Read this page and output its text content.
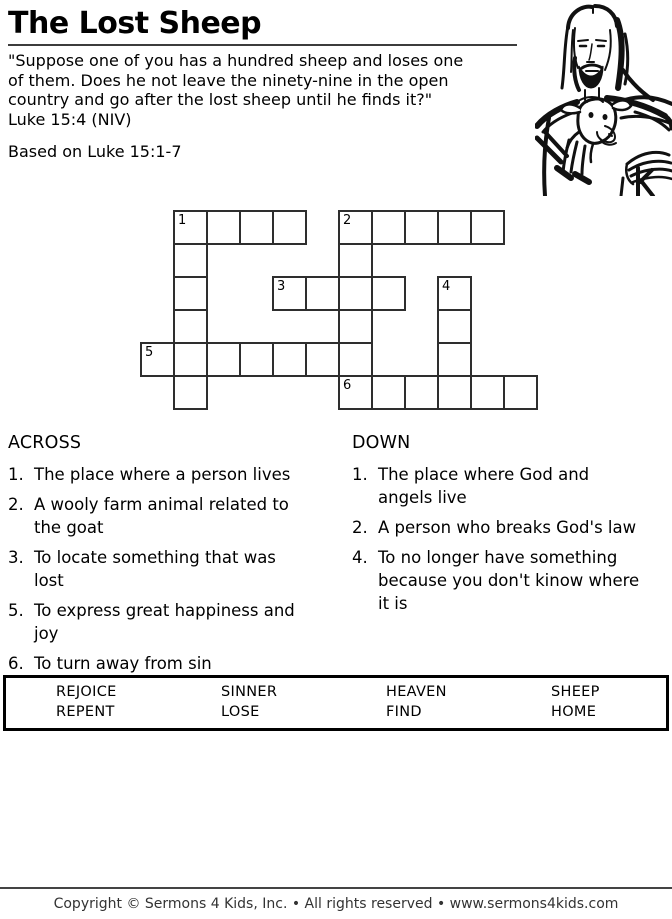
The Lost Sheep
"Suppose one of you has a hundred sheep and loses one
of them. Does he not leave the ninety-nine in the open
country and go after the lost sheep until he finds it?"
Luke 15:4 (NIV)
Based on Luke 15:1-7
1	2
3	4
5
6
ACROSS
1. The place where a person lives
2. A wooly farm animal related to
the goat
3. To locate something that was
lost
5. To express great happiness and
joy
6. To turn away from sin
DOWN
1. The place where God and
angels live
2. A person who breaks God's law
4. To no longer have something
because you don't kinow where
it is
REJOICE	SINNER	HEAVEN	SHEEP
REPENT	LOSE	FIND	HOME
Copyright © Sermons 4 Kids, Inc. • All rights reserved • www.sermons4kids.com
